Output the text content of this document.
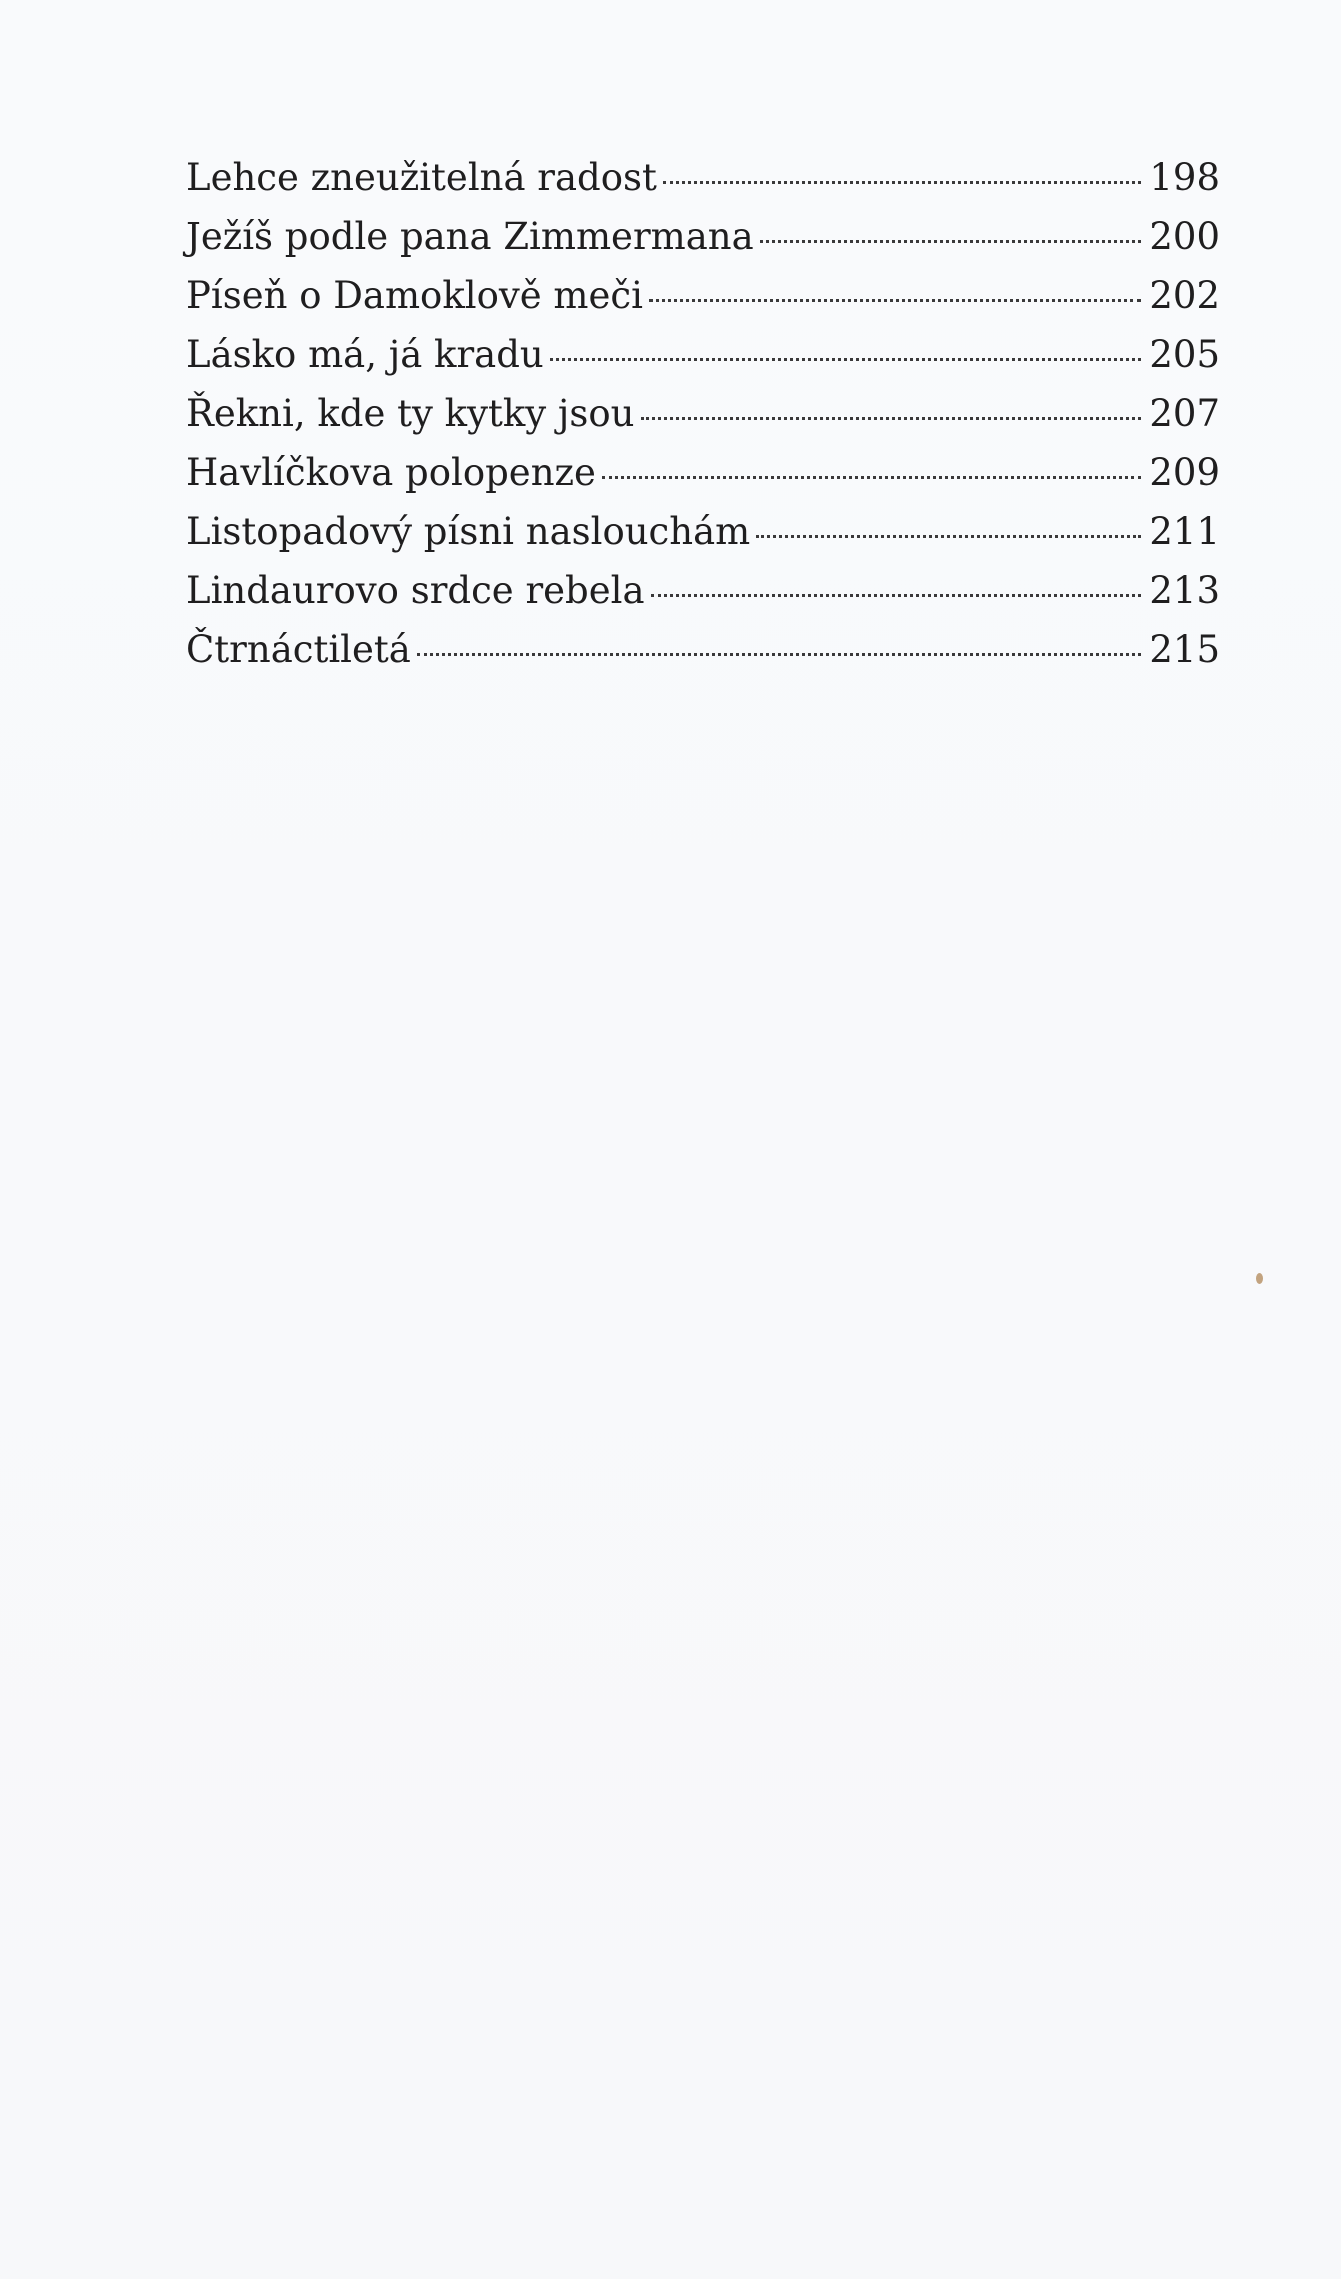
Lehce zneužitelná radost	198
Ježíš podle pana Zimmermana	200
Píseň o Damoklově meči	202
Lásko má, já kradu	205
Řekni, kde ty kytky jsou	207
Havlíčkova polopenze	209
Listopadový písni naslouchám	211
Lindaurovo srdce rebela	213
Čtrnáctiletá	215
